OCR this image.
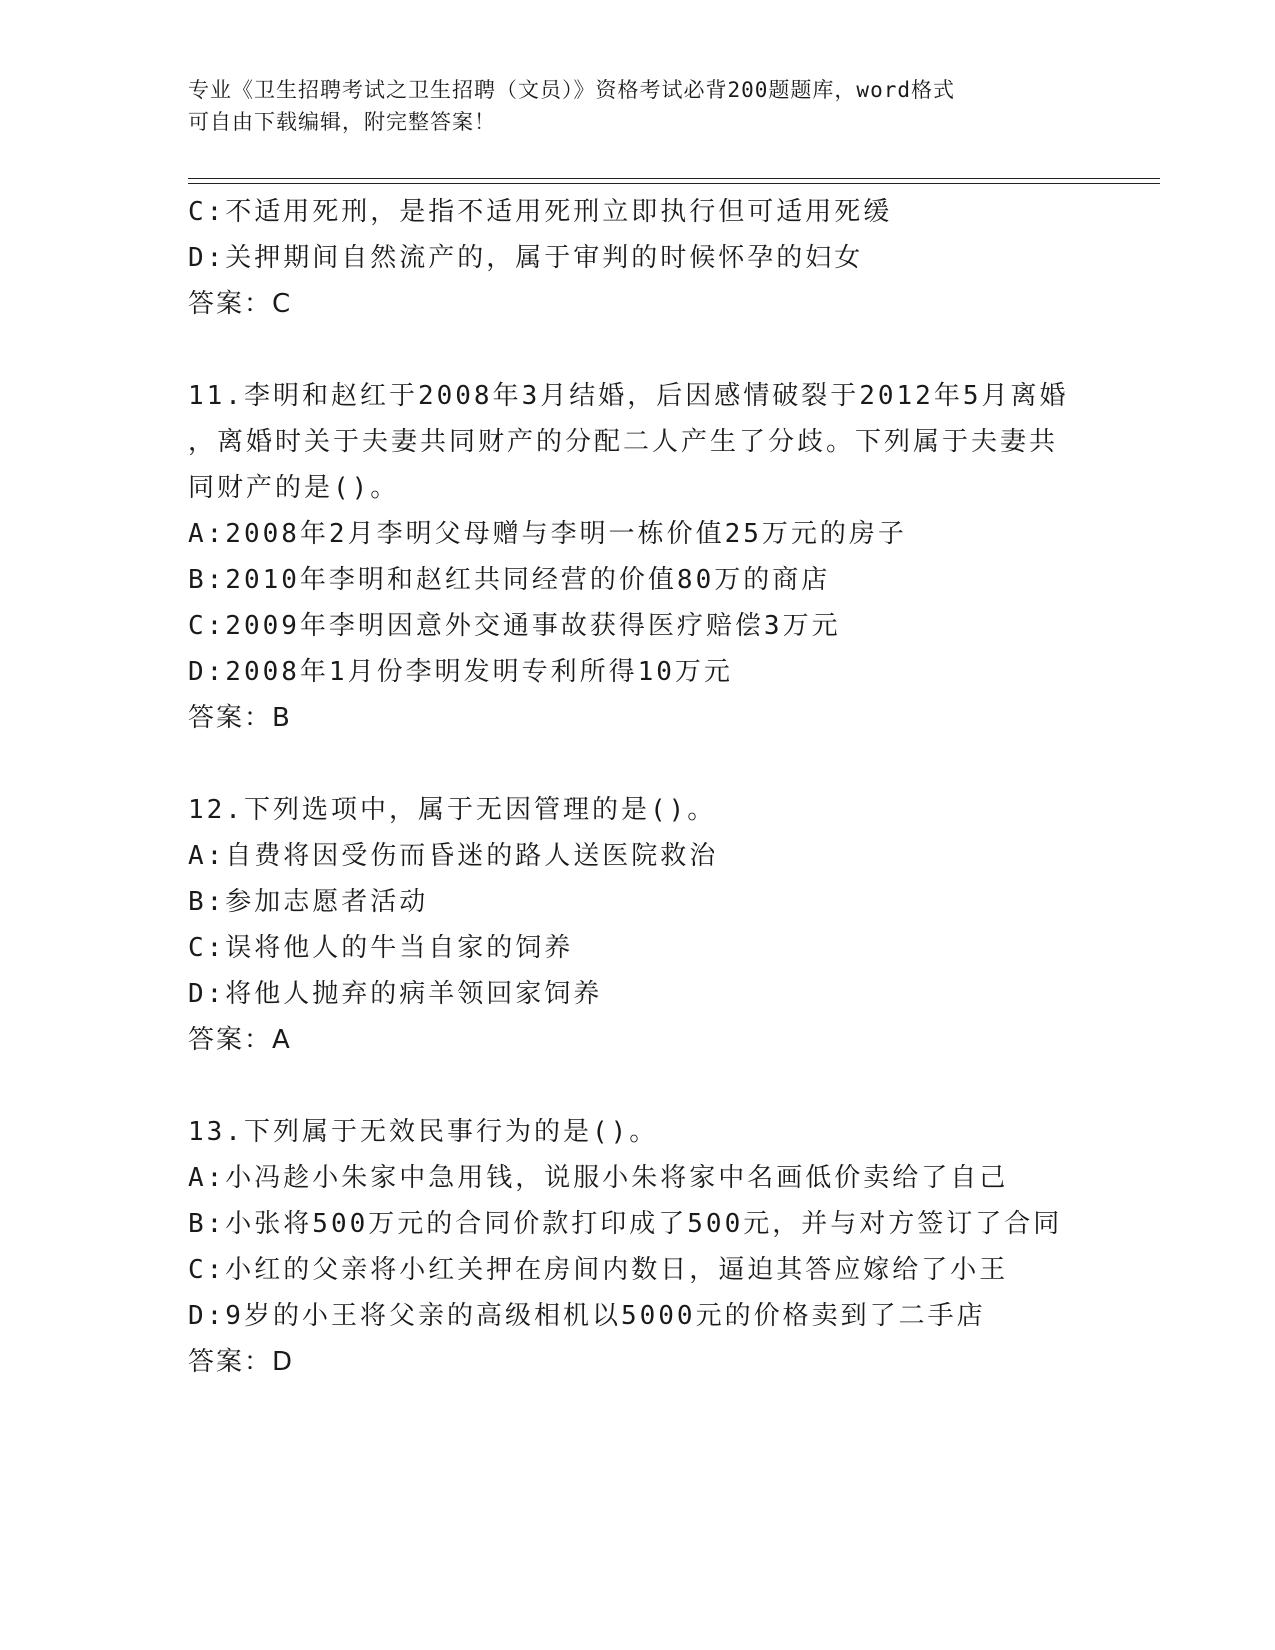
专业《卫生招聘考试之卫生招聘（文员）》资格考试必背200题题库，word格式
可自由下载编辑，附完整答案！
C:不适用死刑，是指不适用死刑立即执行但可适用死缓
D:关押期间自然流产的，属于审判的时候怀孕的妇女
答案：C
11.李明和赵红于2008年3月结婚，后因感情破裂于2012年5月离婚
，离婚时关于夫妻共同财产的分配二人产生了分歧。下列属于夫妻共
同财产的是()。
A:2008年2月李明父母赠与李明一栋价值25万元的房子
B:2010年李明和赵红共同经营的价值80万的商店
C:2009年李明因意外交通事故获得医疗赔偿3万元
D:2008年1月份李明发明专利所得10万元
答案：B
12.下列选项中，属于无因管理的是()。
A:自费将因受伤而昏迷的路人送医院救治
B:参加志愿者活动
C:误将他人的牛当自家的饲养
D:将他人抛弃的病羊领回家饲养
答案：A
13.下列属于无效民事行为的是()。
A:小冯趁小朱家中急用钱，说服小朱将家中名画低价卖给了自己
B:小张将500万元的合同价款打印成了500元，并与对方签订了合同
C:小红的父亲将小红关押在房间内数日，逼迫其答应嫁给了小王
D:9岁的小王将父亲的高级相机以5000元的价格卖到了二手店
答案：D
